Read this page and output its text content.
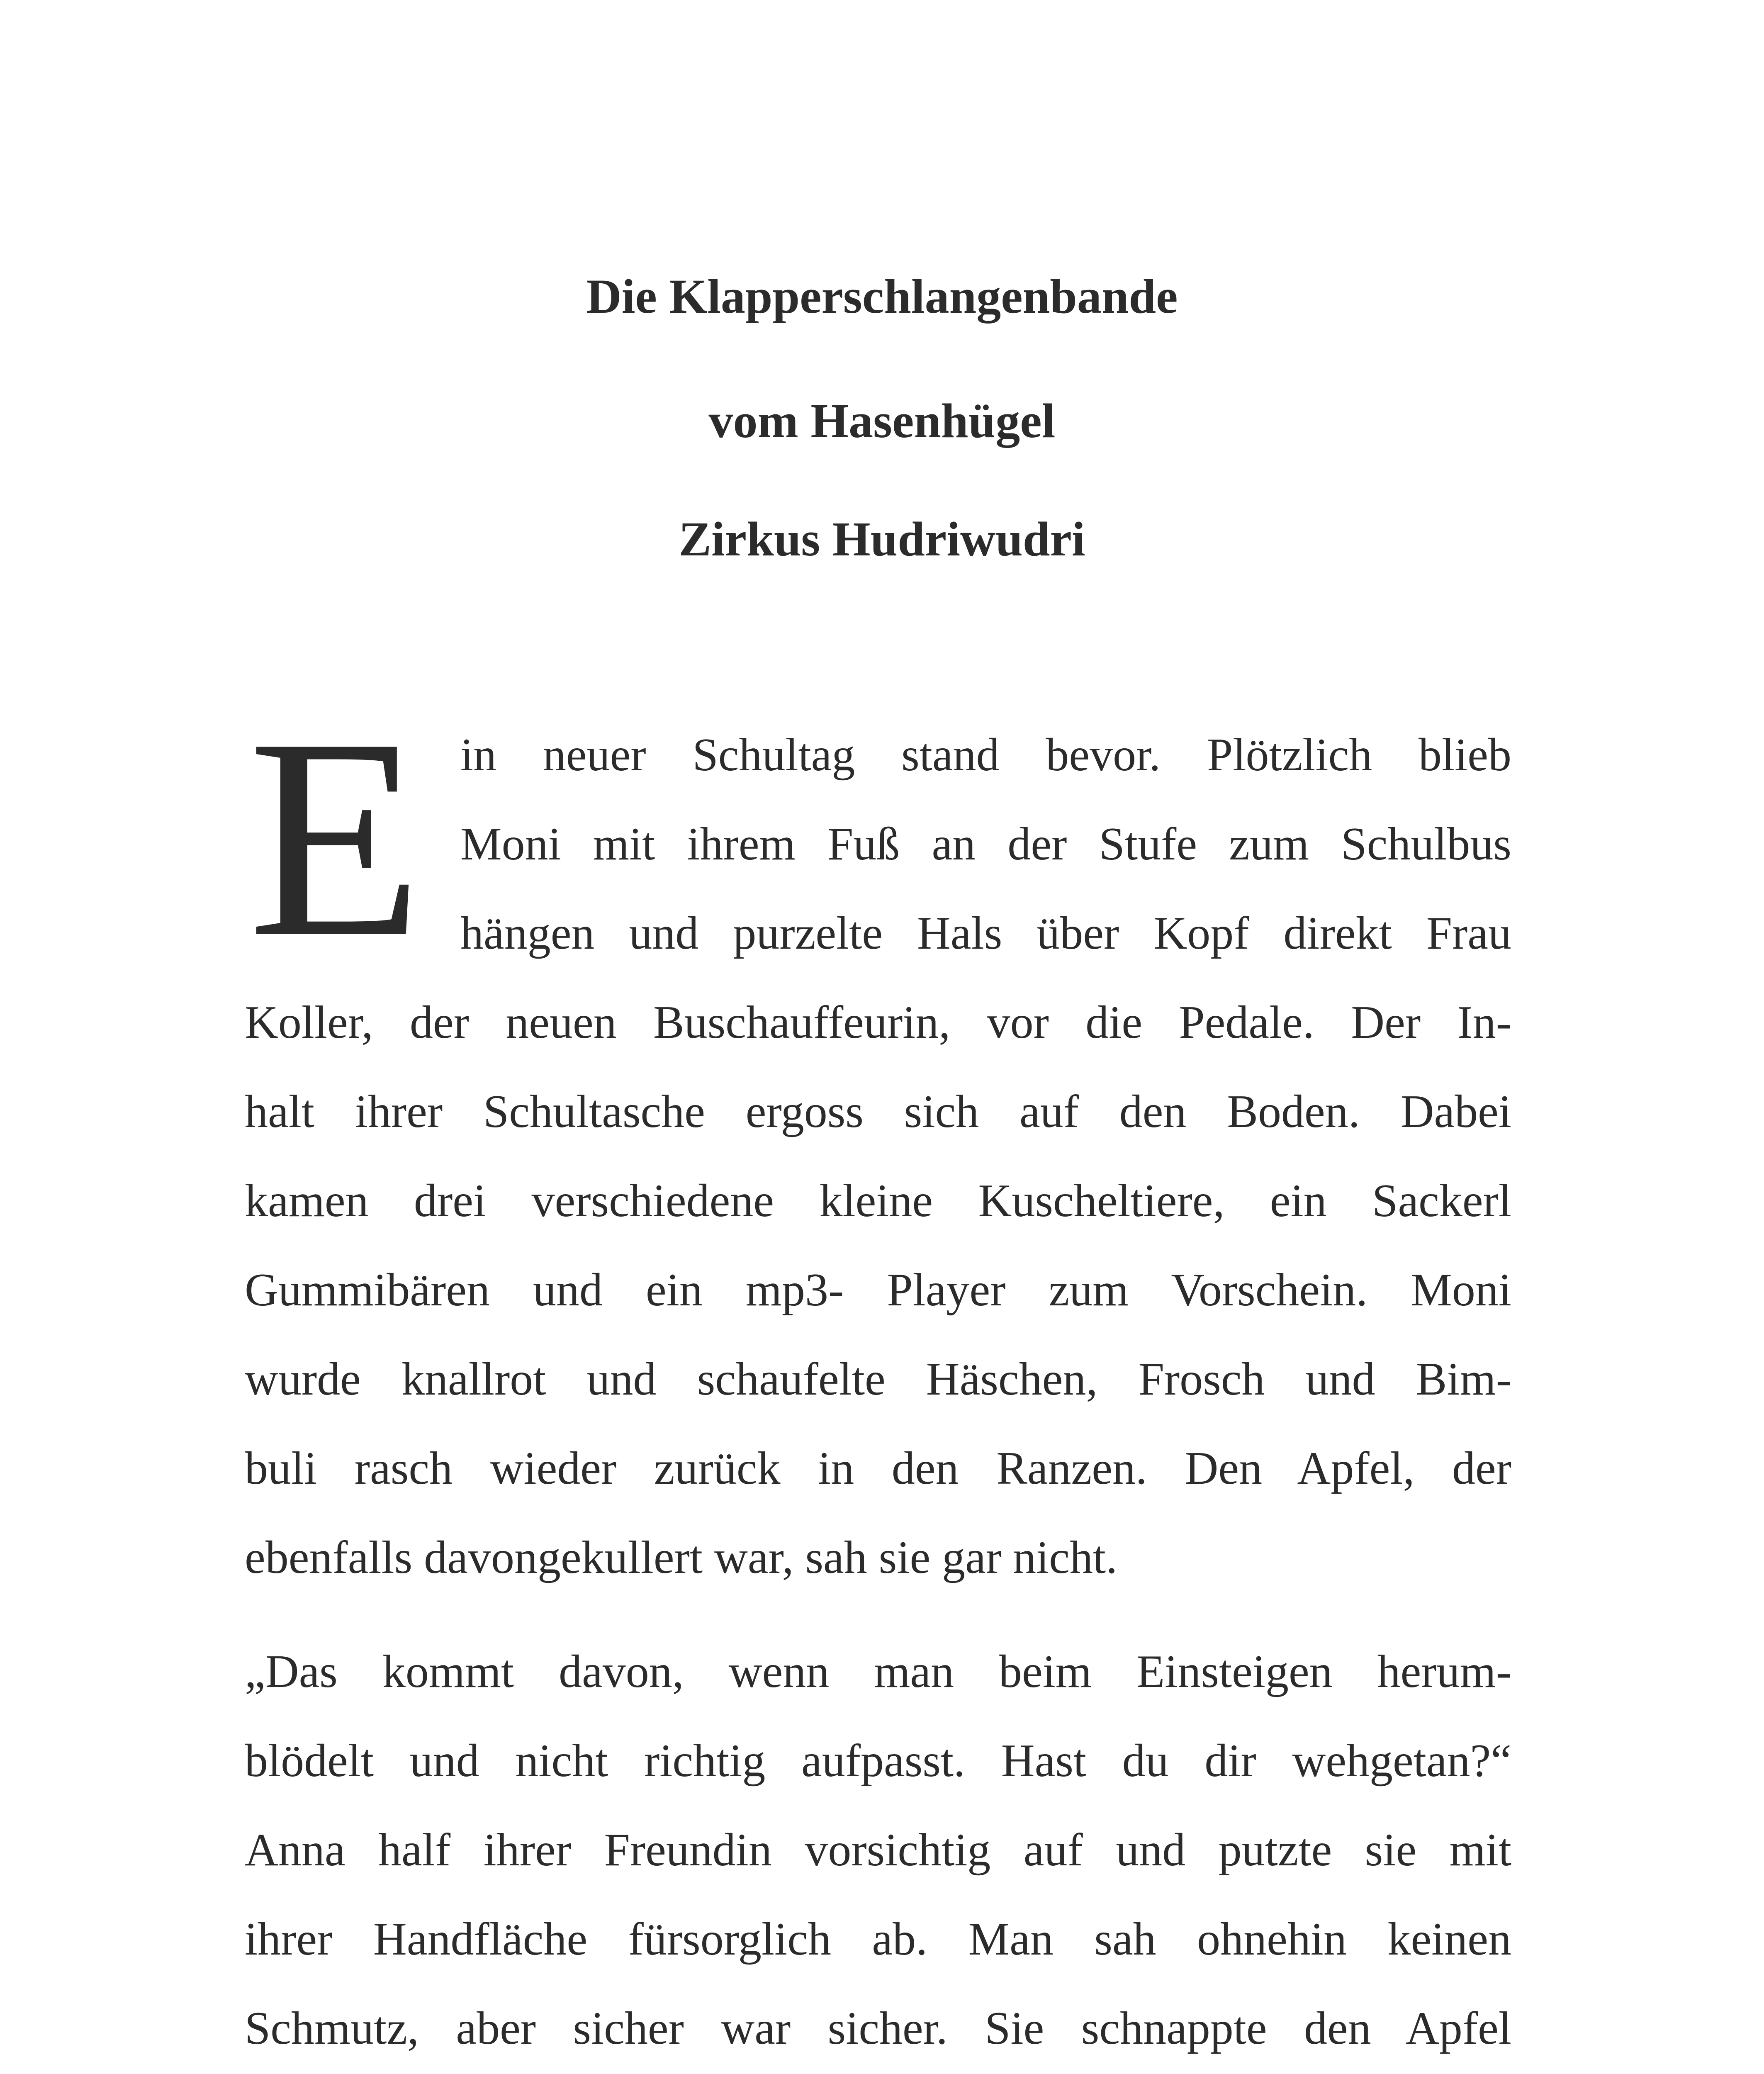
Die Klapperschlangenbande
vom Hasenhügel
Zirkus Hudriwudri
E in neuer Schultag stand bevor. Plötzlich blieb
Moni mit ihrem Fuß an der Stufe zum Schulbus
hängen und purzelte Hals über Kopf direkt Frau
Koller, der neuen Buschauffeurin, vor die Pedale. Der In-
halt ihrer Schultasche ergoss sich auf den Boden. Dabei
kamen drei verschiedene kleine Kuscheltiere, ein Sackerl
Gummibären und ein mp3- Player zum Vorschein. Moni
wurde knallrot und schaufelte Häschen, Frosch und Bim-
buli rasch wieder zurück in den Ranzen. Den Apfel, der
ebenfalls davongekullert war, sah sie gar nicht.
„Das kommt davon, wenn man beim Einsteigen herum-
blödelt und nicht richtig aufpasst. Hast du dir wehgetan?“
Anna half ihrer Freundin vorsichtig auf und putzte sie mit
ihrer Handfläche fürsorglich ab. Man sah ohnehin keinen
Schmutz, aber sicher war sicher. Sie schnappte den Apfel
